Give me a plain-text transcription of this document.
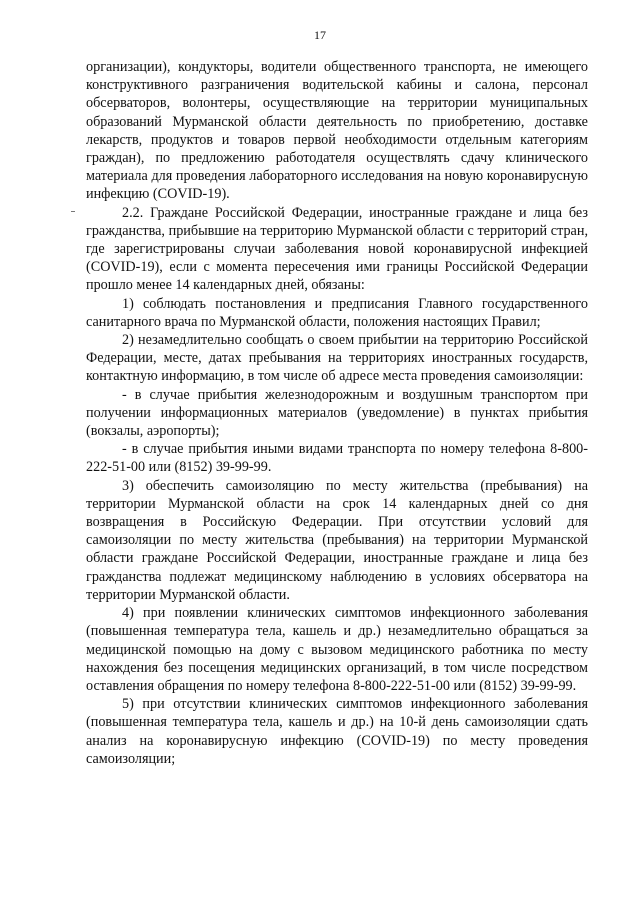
17

организации), кондукторы, водители общественного транспорта, не имеющего конструктивного разграничения водительской кабины и салона, персонал обсерваторов, волонтеры, осуществляющие на территории муниципальных образований Мурманской области деятельность по приобретению, доставке лекарств, продуктов и товаров первой необходимости отдельным категориям граждан), по предложению работодателя осуществлять сдачу клинического материала для проведения лабораторного исследования на новую коронавирусную инфекцию (COVID-19).

2.2. Граждане Российской Федерации, иностранные граждане и лица без гражданства, прибывшие на территорию Мурманской области с территорий стран, где зарегистрированы случаи заболевания новой коронавирусной инфекцией (COVID-19), если с момента пересечения ими границы Российской Федерации прошло менее 14 календарных дней, обязаны:

1) соблюдать постановления и предписания Главного государственного санитарного врача по Мурманской области, положения настоящих Правил;

2) незамедлительно сообщать о своем прибытии на территорию Российской Федерации, месте, датах пребывания на территориях иностранных государств, контактную информацию, в том числе об адресе места проведения самоизоляции:

- в случае прибытия железнодорожным и воздушным транспортом при получении информационных материалов (уведомление) в пунктах прибытия (вокзалы, аэропорты);

- в случае прибытия иными видами транспорта по номеру телефона 8-800-222-51-00 или (8152) 39-99-99.

3) обеспечить самоизоляцию по месту жительства (пребывания) на территории Мурманской области на срок 14 календарных дней со дня возвращения в Российскую Федерации. При отсутствии условий для самоизоляции по месту жительства (пребывания) на территории Мурманской области граждане Российской Федерации, иностранные граждане и лица без гражданства подлежат медицинскому наблюдению в условиях обсерватора на территории Мурманской области.

4) при появлении клинических симптомов инфекционного заболевания (повышенная температура тела, кашель и др.) незамедлительно обращаться за медицинской помощью на дому с вызовом медицинского работника по месту нахождения без посещения медицинских организаций, в том числе посредством оставления обращения по номеру телефона 8-800-222-51-00 или (8152) 39-99-99.

5) при отсутствии клинических симптомов инфекционного заболевания (повышенная температура тела, кашель и др.) на 10-й день самоизоляции сдать анализ на коронавирусную инфекцию (COVID-19) по месту проведения самоизоляции;
